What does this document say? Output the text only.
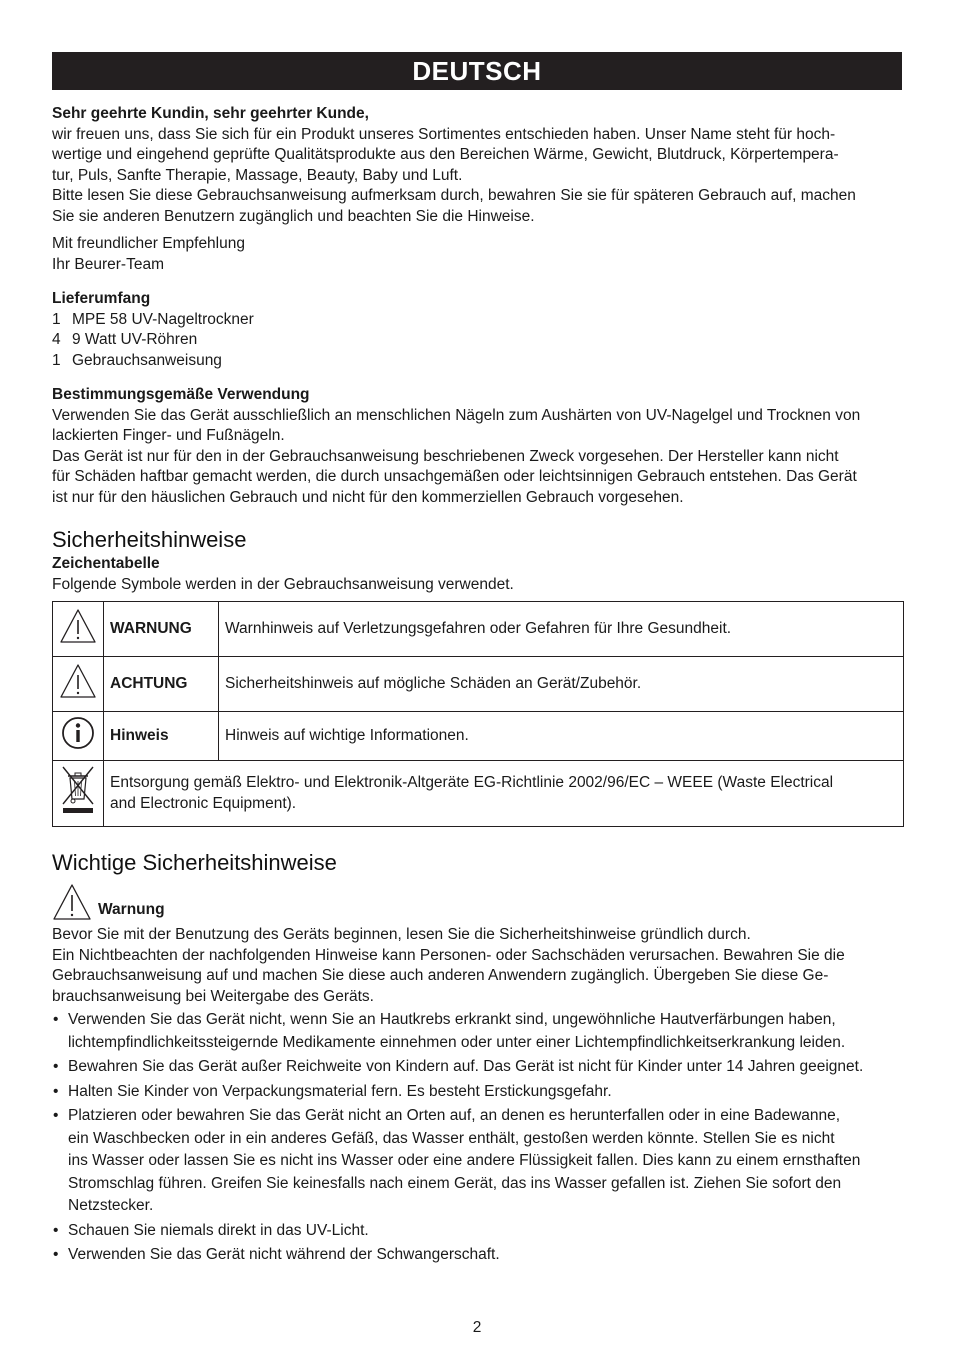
DEUTSCH
Sehr geehrte Kundin, sehr geehrter Kunde,
wir freuen uns, dass Sie sich für ein Produkt unseres Sortimentes entschieden haben. Unser Name steht für hoch-
wertige und eingehend geprüfte Qualitätsprodukte aus den Bereichen Wärme, Gewicht, Blutdruck, Körpertempera-
tur, Puls, Sanfte Therapie, Massage, Beauty, Baby und Luft.
Bitte lesen Sie diese Gebrauchsanweisung aufmerksam durch, bewahren Sie sie für späteren Gebrauch auf, machen
Sie sie anderen Benutzern zugänglich und beachten Sie die Hinweise.
Mit freundlicher Empfehlung
Ihr Beurer-Team
Lieferumfang
1 MPE 58 UV-Nageltrockner
4 9 Watt UV-Röhren
1 Gebrauchsanweisung
Bestimmungsgemäße Verwendung
Verwenden Sie das Gerät ausschließlich an menschlichen Nägeln zum Aushärten von UV-Nagelgel und Trocknen von
lackierten Finger- und Fußnägeln.
Das Gerät ist nur für den in der Gebrauchsanweisung beschriebenen Zweck vorgesehen. Der Hersteller kann nicht
für Schäden haftbar gemacht werden, die durch unsachgemäßen oder leichtsinnigen Gebrauch entstehen. Das Gerät
ist nur für den häuslichen Gebrauch und nicht für den kommerziellen Gebrauch vorgesehen.
Sicherheitshinweise
Zeichentabelle
Folgende Symbole werden in der Gebrauchsanweisung verwendet.
	WARNUNG	Warnhinweis auf Verletzungsgefahren oder Gefahren für Ihre Gesundheit.
	ACHTUNG	Sicherheitshinweis auf mögliche Schäden an Gerät/Zubehör.
	Hinweis	Hinweis auf wichtige Informationen.

Entsorgung gemäß Elektro- und Elektronik-Altgeräte EG-Richtlinie 2002/96/EC – WEEE (Waste Electrical
and Electronic Equipment).	
Wichtige Sicherheitshinweise
Warnung
Bevor Sie mit der Benutzung des Geräts beginnen, lesen Sie die Sicherheitshinweise gründlich durch.
Ein Nichtbeachten der nachfolgenden Hinweise kann Personen- oder Sachschäden verursachen. Bewahren Sie die
Gebrauchsanweisung auf und machen Sie diese auch anderen Anwendern zugänglich. Übergeben Sie diese Ge-
brauchsanweisung bei Weitergabe des Geräts.
• Verwenden Sie das Gerät nicht, wenn Sie an Hautkrebs erkrankt sind, ungewöhnliche Hautverfärbungen haben,
lichtempfindlichkeitssteigernde Medikamente einnehmen oder unter einer Lichtempfindlichkeitserkrankung leiden.
• Bewahren Sie das Gerät außer Reichweite von Kindern auf. Das Gerät ist nicht für Kinder unter 14 Jahren geeignet.
• Halten Sie Kinder von Verpackungsmaterial fern. Es besteht Erstickungsgefahr.
• Platzieren oder bewahren Sie das Gerät nicht an Orten auf, an denen es herunterfallen oder in eine Badewanne,
ein Waschbecken oder in ein anderes Gefäß, das Wasser enthält, gestoßen werden könnte. Stellen Sie es nicht
ins Wasser oder lassen Sie es nicht ins Wasser oder eine andere Flüssigkeit fallen. Dies kann zu einem ernsthaften
Stromschlag führen. Greifen Sie keinesfalls nach einem Gerät, das ins Wasser gefallen ist. Ziehen Sie sofort den
Netzstecker.
• Schauen Sie niemals direkt in das UV-Licht.
• Verwenden Sie das Gerät nicht während der Schwangerschaft.
2
